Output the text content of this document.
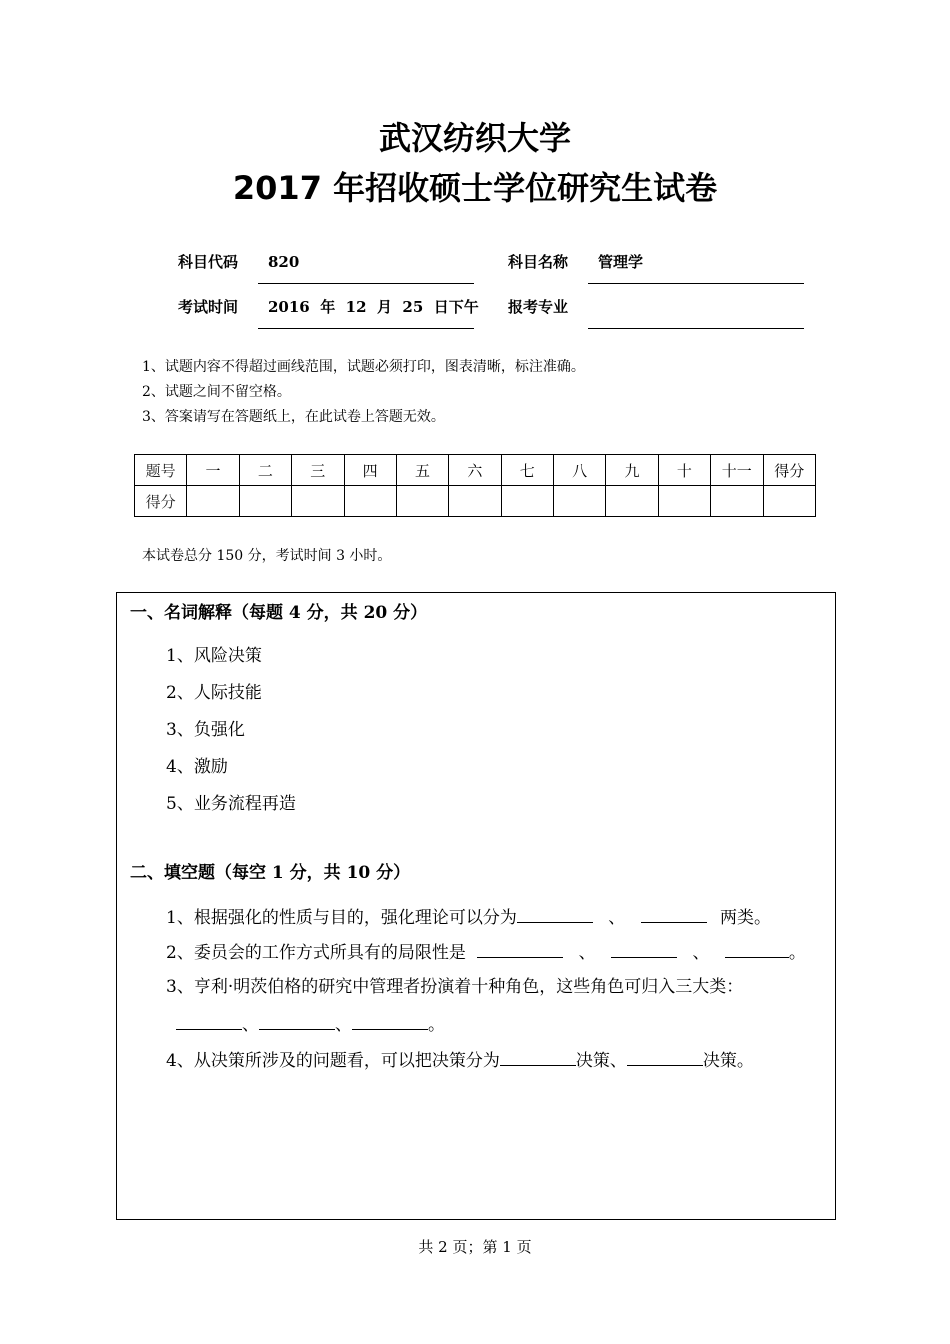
武汉纺织大学
2017 年招收硕士学位研究生试卷
科目代码 820	科目名称 管理学
考试时间 2016  年  12  月  25  日下午 报考专业
1、试题内容不得超过画线范围，试题必须打印，图表清晰，标注准确。
2、试题之间不留空格。
3、答案请写在答题纸上，在此试卷上答题无效。
题号	一	二	三	四	五	六	七	八	九	十	十一	得分
得分												
本试卷总分 150 分，考试时间 3 小时。
一、名词解释（每题 4 分，共 20 分）
1、风险决策
2、人际技能
3、负强化
4、激励
5、业务流程再造
二、填空题（每空 1 分，共 10 分）
1、根据强化的性质与目的，强化理论可以分为	、	两类。
2、委员会的工作方式所具有的局限性是	、	、	。
3、亨利·明茨伯格的研究中管理者扮演着十种角色，这些角色可归入三大类：
、	、	。
4、从决策所涉及的问题看，可以把决策分为	决策、	决策。
共 2 页；第 1 页
